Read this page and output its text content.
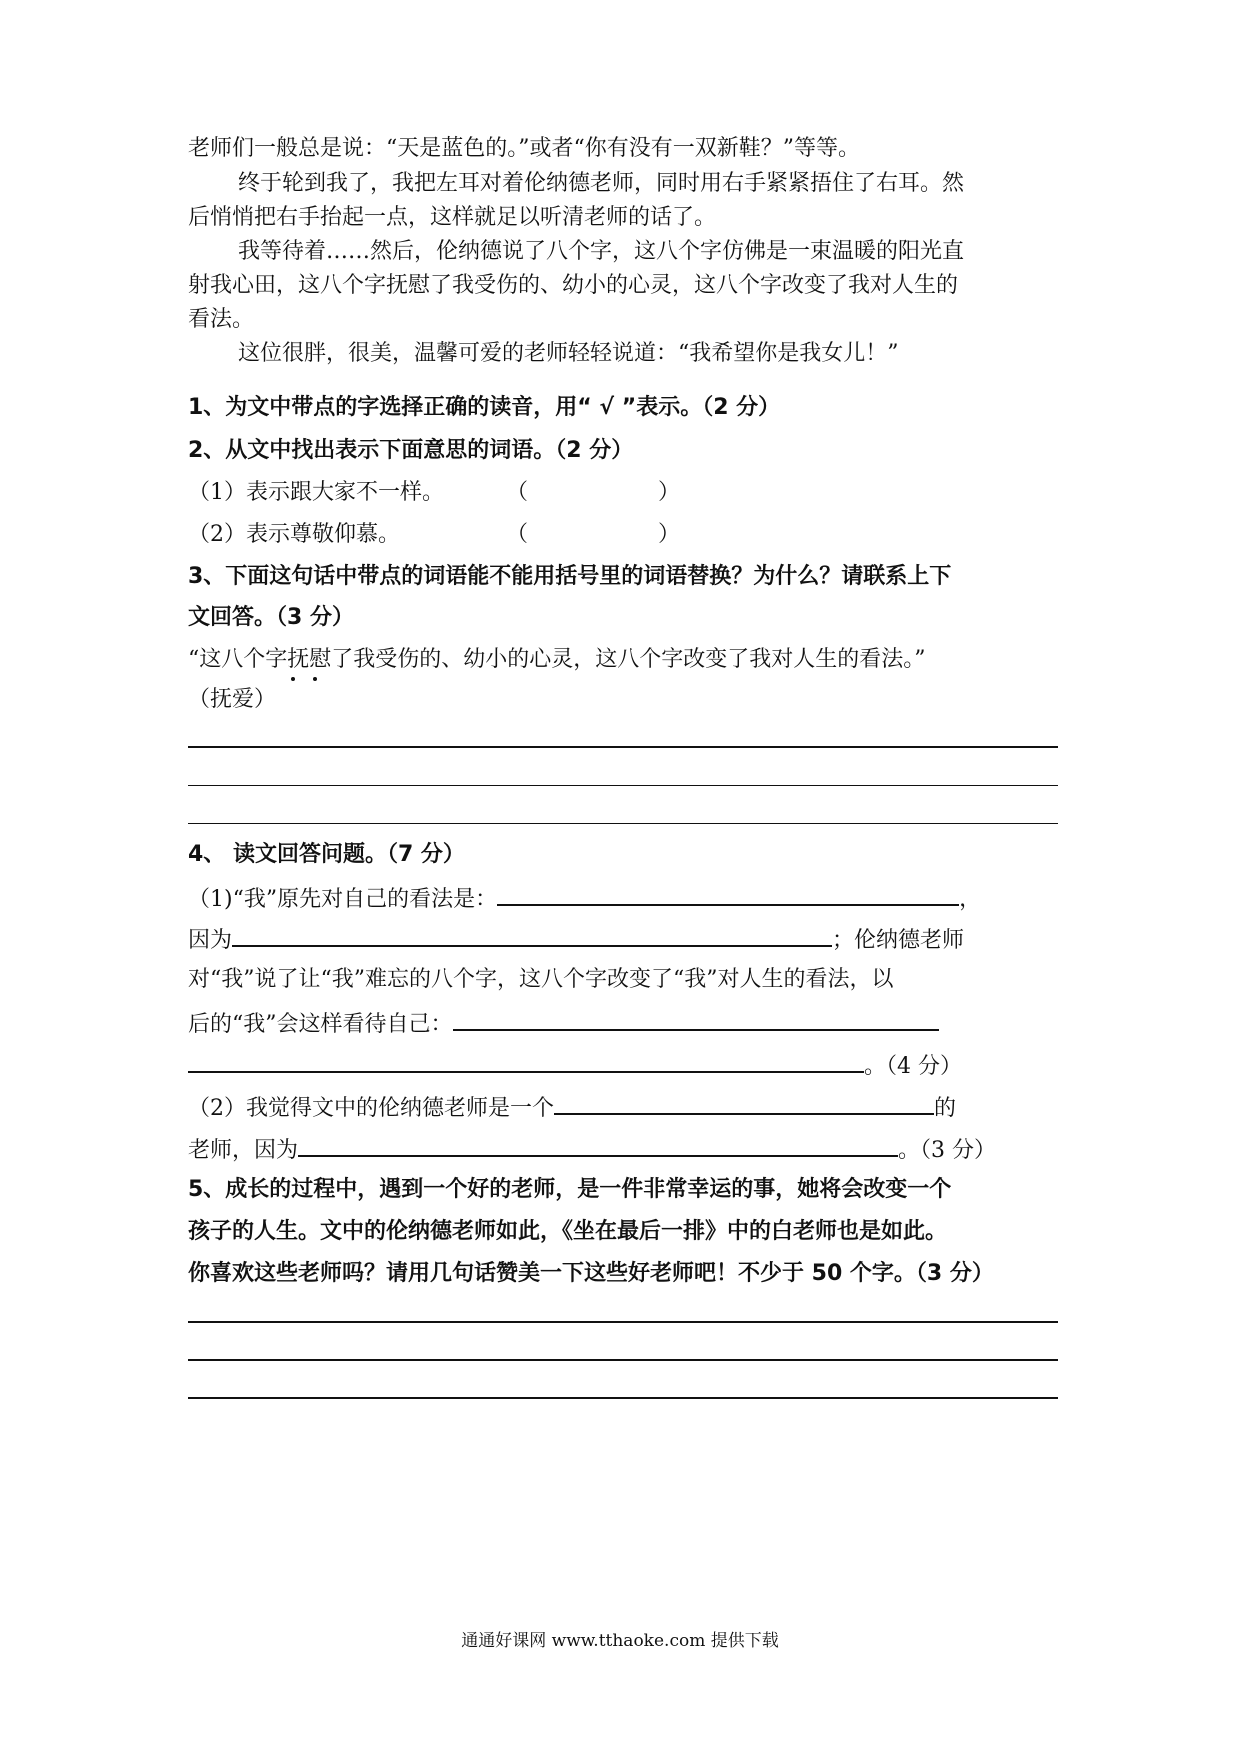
老师们一般总是说：“天是蓝色的。”或者“你有没有一双新鞋？”等等。
终于轮到我了，我把左耳对着伦纳德老师，同时用右手紧紧捂住了右耳。然
后悄悄把右手抬起一点，这样就足以听清老师的话了。
我等待着……然后，伦纳德说了八个字，这八个字仿佛是一束温暖的阳光直
射我心田，这八个字抚慰了我受伤的、幼小的心灵，这八个字改变了我对人生的
看法。
这位很胖，很美，温馨可爱的老师轻轻说道：“我希望你是我女儿！”
1、为文中带点的字选择正确的读音，用“ √ ”表示。（2 分）
2、从文中找出表示下面意思的词语。（2 分）
（1）表示跟大家不一样。	（	）
（2）表示尊敬仰慕。	（	）
3、下面这句话中带点的词语能不能用括号里的词语替换？为什么？请联系上下
文回答。（3 分）
“这八个字抚慰了我受伤的、幼小的心灵，这八个字改变了我对人生的看法。”
（抚爱）
4、 读文回答问题。（7 分）
（1)“我”原先对自己的看法是：	，
因为	；伦纳德老师
对“我”说了让“我”难忘的八个字，这八个字改变了“我”对人生的看法，以
后的“我”会这样看待自己：
。（4 分）
（2）我觉得文中的伦纳德老师是一个	的
老师，因为	。（3 分）
5、成长的过程中，遇到一个好的老师，是一件非常幸运的事，她将会改变一个
孩子的人生。文中的伦纳德老师如此，《坐在最后一排》中的白老师也是如此。
你喜欢这些老师吗？请用几句话赞美一下这些好老师吧！不少于 50 个字。（3 分）
通通好课网 www.tthaoke.com 提供下载
